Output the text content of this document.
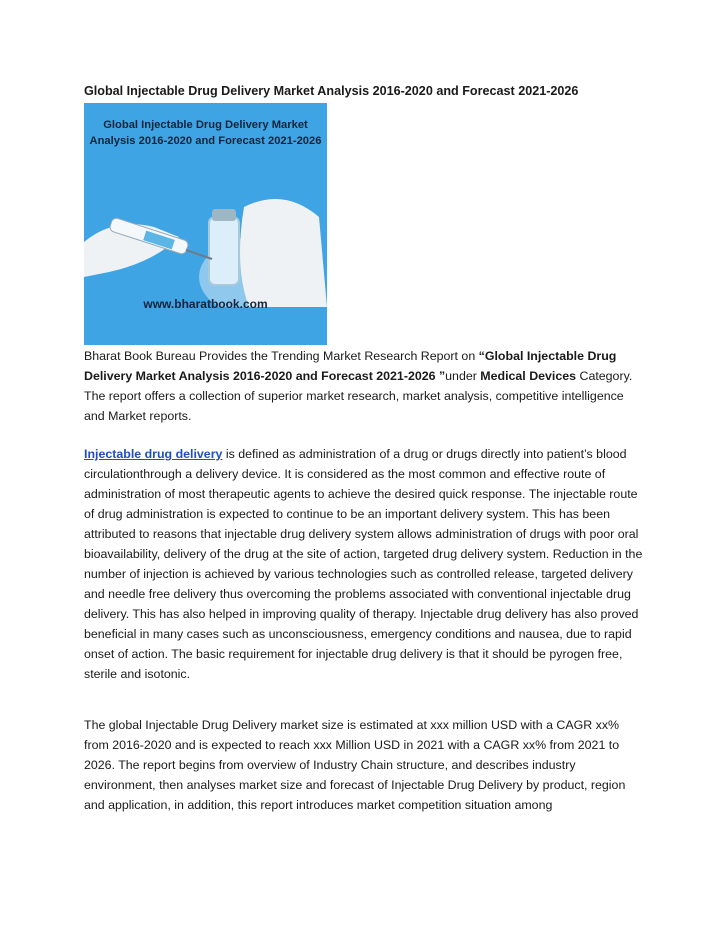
Global Injectable Drug Delivery Market Analysis 2016-2020 and Forecast 2021-2026
Global Injectable Drug Delivery Market
Analysis 2016-2020 and Forecast 2021-2026
www.bharatbook.com
Bharat Book Bureau Provides the Trending Market Research Report on “Global Injectable Drug Delivery Market Analysis 2016-2020 and Forecast 2021-2026 ”under Medical Devices Category. The report offers a collection of superior market research, market analysis, competitive intelligence and Market reports.
Injectable drug delivery is defined as administration of a drug or drugs directly into patient’s blood circulationthrough a delivery device. It is considered as the most common and effective route of administration of most therapeutic agents to achieve the desired quick response. The injectable route of drug administration is expected to continue to be an important delivery system. This has been attributed to reasons that injectable drug delivery system allows administration of drugs with poor oral bioavailability, delivery of the drug at the site of action, targeted drug delivery system. Reduction in the number of injection is achieved by various technologies such as controlled release, targeted delivery and needle free delivery thus overcoming the problems associated with conventional injectable drug delivery. This has also helped in improving quality of therapy. Injectable drug delivery has also proved beneficial in many cases such as unconsciousness, emergency conditions and nausea, due to rapid onset of action. The basic requirement for injectable drug delivery is that it should be pyrogen free, sterile and isotonic.
The global Injectable Drug Delivery market size is estimated at xxx million USD with a CAGR xx% from 2016-2020 and is expected to reach xxx Million USD in 2021 with a CAGR xx% from 2021 to 2026. The report begins from overview of Industry Chain structure, and describes industry environment, then analyses market size and forecast of Injectable Drug Delivery by product, region and application, in addition, this report introduces market competition situation among
